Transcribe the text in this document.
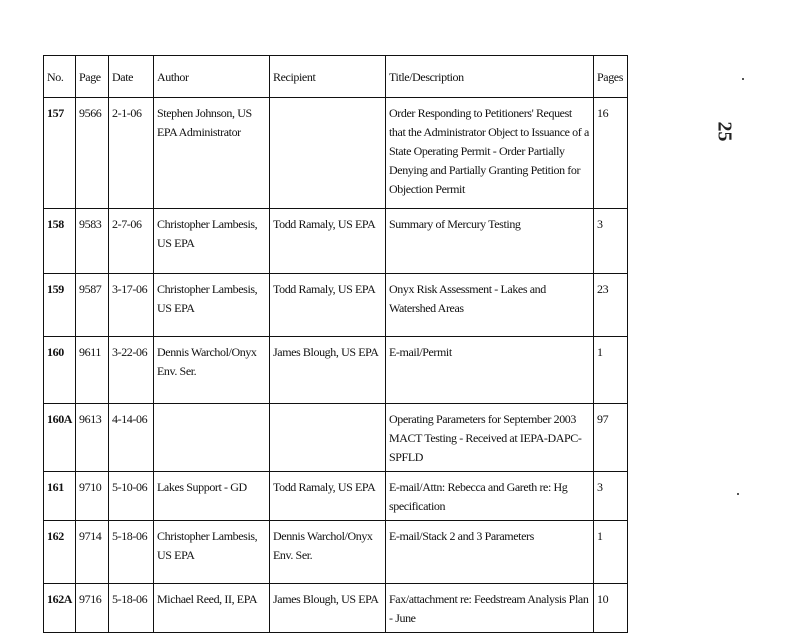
No.	Page	Date	Author	Recipient	Title/Description	Pages
157	9566	2-1-06	Stephen Johnson, US EPA Administrator		Order Responding to Petitioners' Request that the Administrator Object to Issuance of a State Operating Permit - Order Partially Denying and Partially Granting Petition for Objection Permit	16
158	9583	2-7-06	Christopher Lambesis, US EPA	Todd Ramaly, US EPA	Summary of Mercury Testing	3
159	9587	3-17-06	Christopher Lambesis, US EPA	Todd Ramaly, US EPA	Onyx Risk Assessment - Lakes and Watershed Areas	23
160	9611	3-22-06	Dennis Warchol/Onyx Env. Ser.	James Blough, US EPA	E-mail/Permit	1
160A	9613	4-14-06			Operating Parameters for September 2003 MACT Testing - Received at IEPA-DAPC-SPFLD	97
161	9710	5-10-06	Lakes Support - GD	Todd Ramaly, US EPA	E-mail/Attn: Rebecca and Gareth re: Hg specification	3
162	9714	5-18-06	Christopher Lambesis, US EPA	Dennis Warchol/Onyx Env. Ser.	E-mail/Stack 2 and 3 Parameters	1
162A	9716	5-18-06	Michael Reed, II, EPA	James Blough, US EPA	Fax/attachment re: Feedstream Analysis Plan - June	10
25
